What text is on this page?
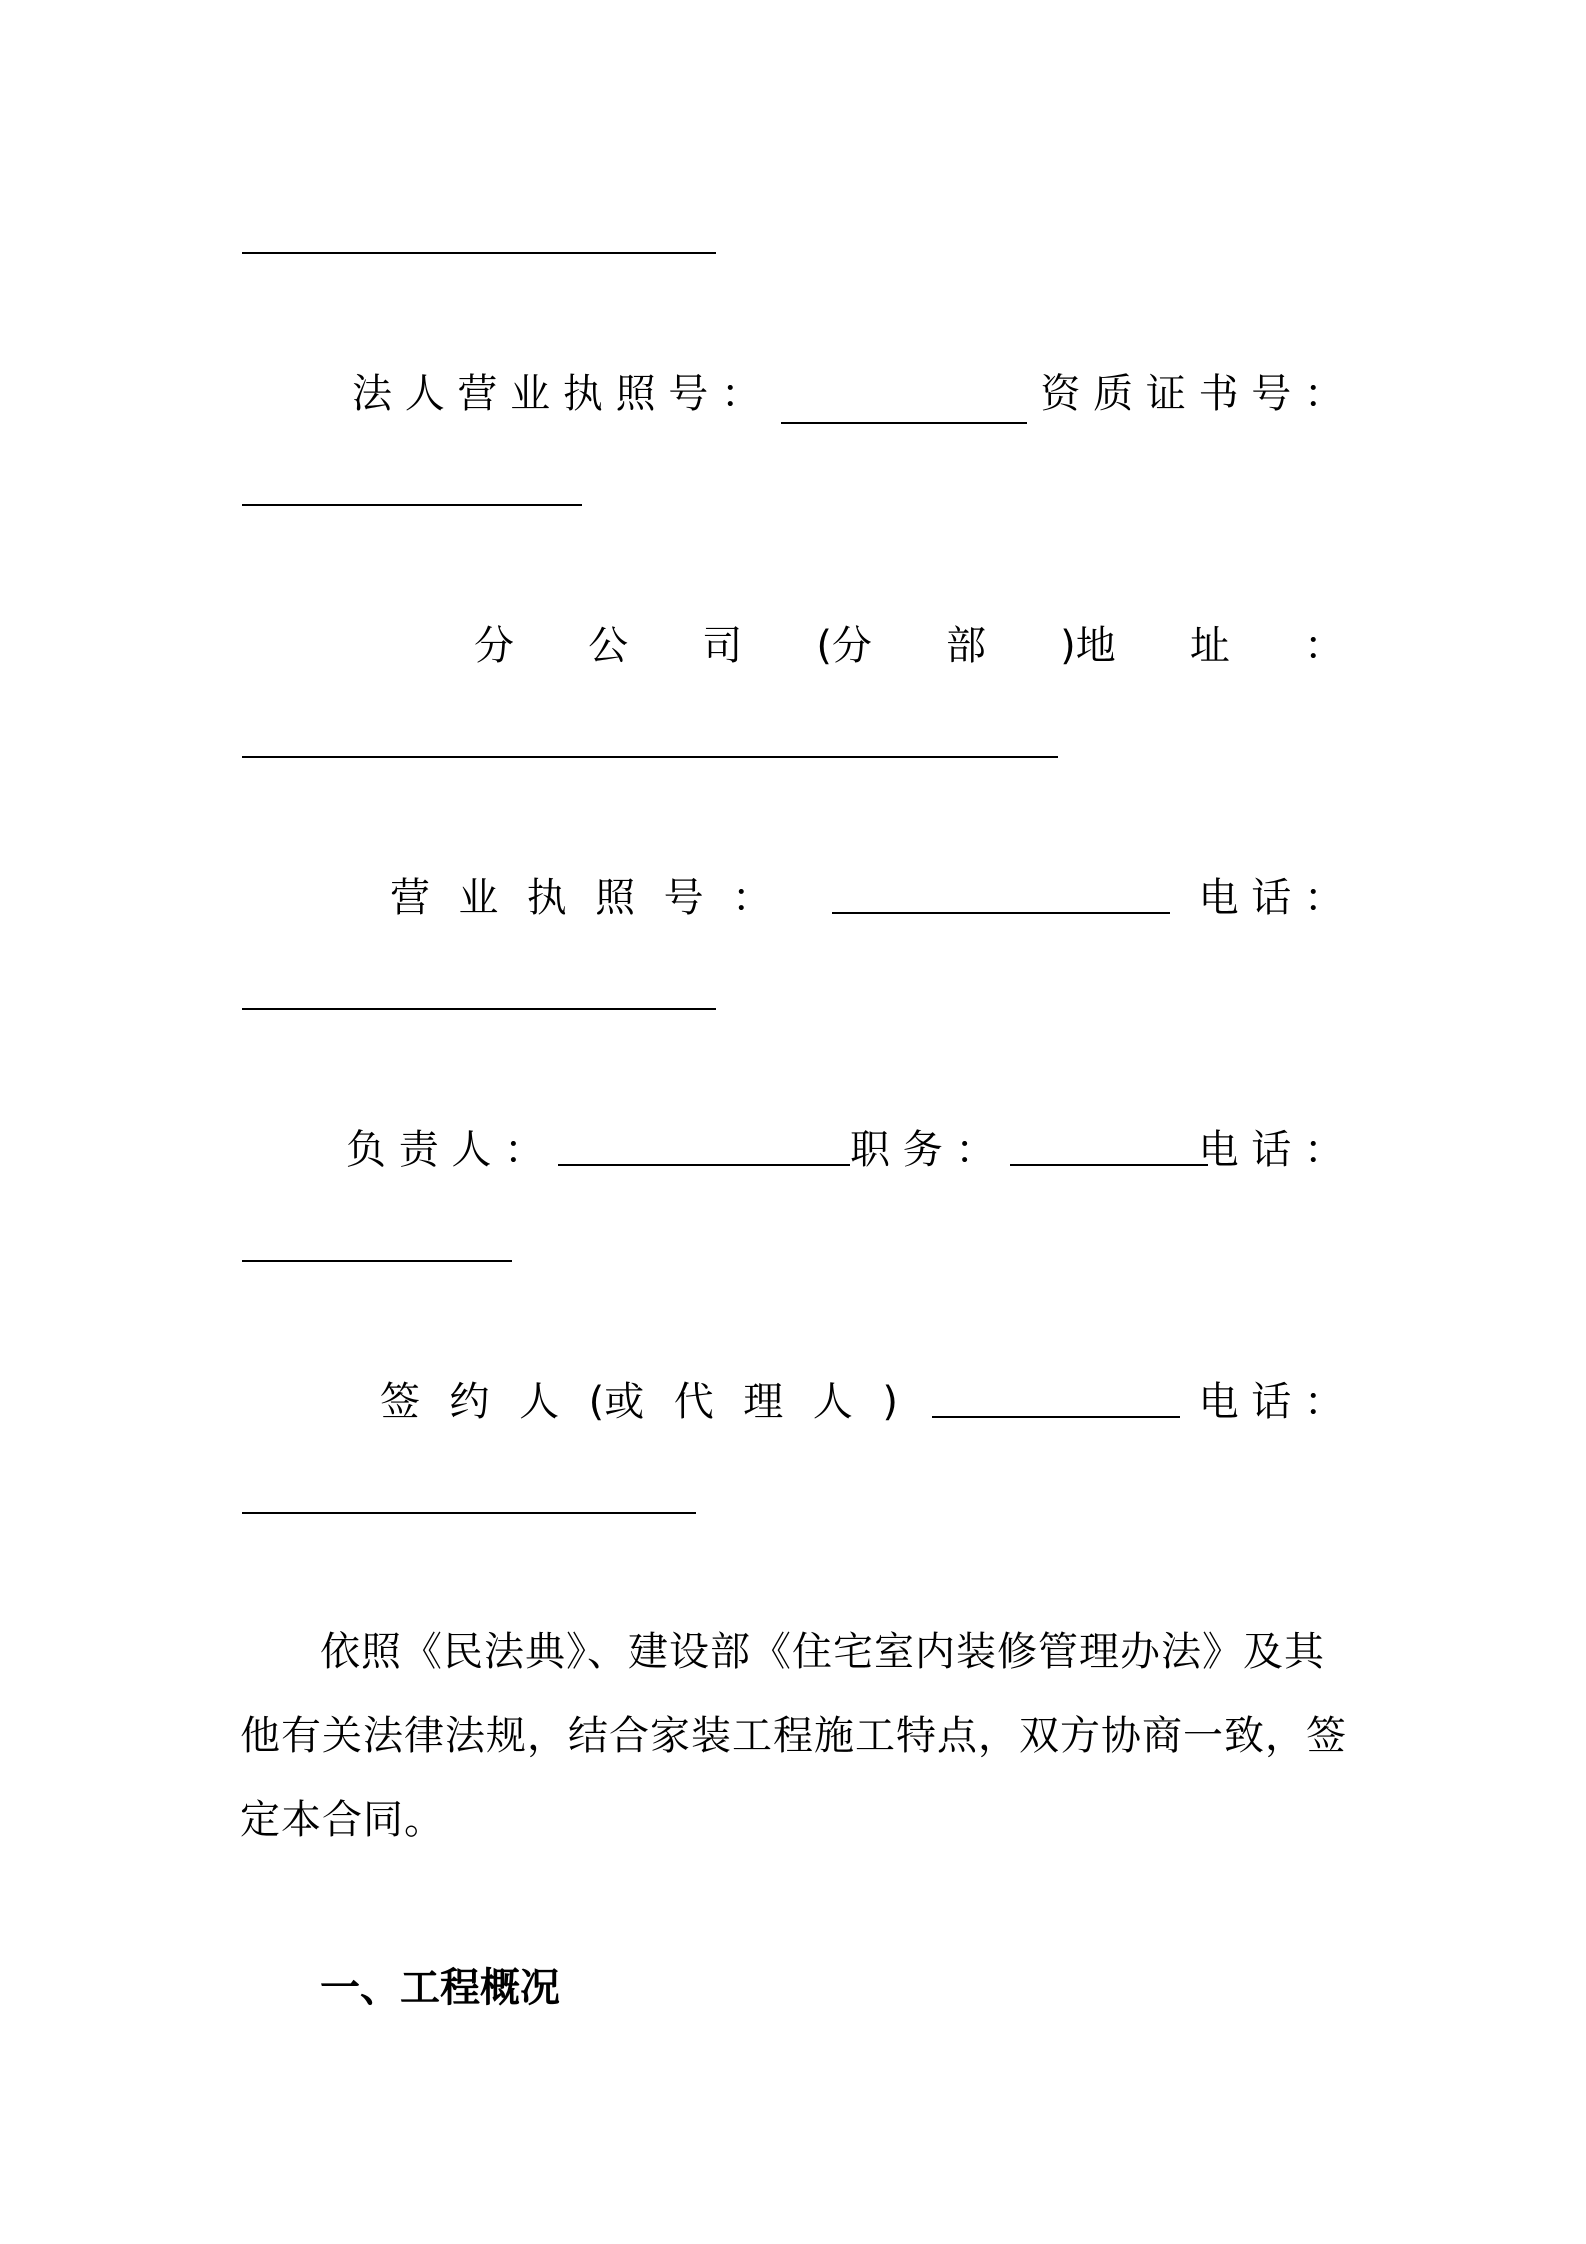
法 人 营 业 执 照 号 ：	资 质 证 书 号 ：
分 公 司 (分 部 )地 址 ：
营 业 执 照 号 ：	电 话 ：
负 责 人 ：	职 务 ：	电 话 ：
签 约 人 (或 代 理 人 )	电 话 ：
依照《民法典》、建设部《住宅室内装修管理办法》及其他有关法律法规，结合家装工程施工特点，双方协商一致，签定本合同。
一、工程概况
